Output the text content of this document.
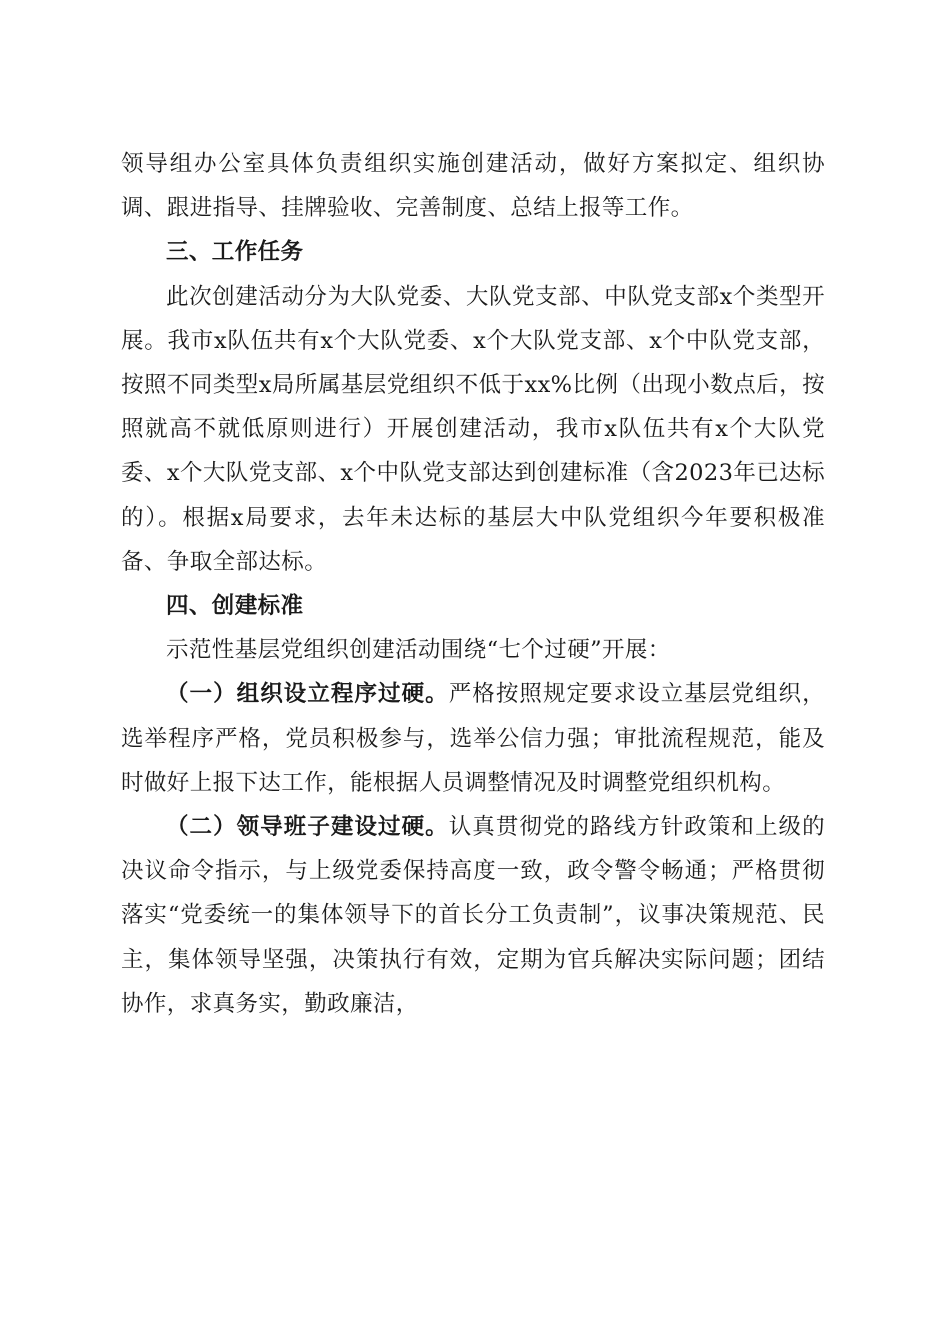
领导组办公室具体负责组织实施创建活动，做好方案拟定、组织协调、跟进指导、挂牌验收、完善制度、总结上报等工作。

三、工作任务

此次创建活动分为大队党委、大队党支部、中队党支部x个类型开展。我市x队伍共有x个大队党委、x个大队党支部、x个中队党支部，按照不同类型x局所属基层党组织不低于xx%比例（出现小数点后，按照就高不就低原则进行）开展创建活动，我市x队伍共有x个大队党委、x个大队党支部、x个中队党支部达到创建标准（含2023年已达标的）。根据x局要求，去年未达标的基层大中队党组织今年要积极准备、争取全部达标。

四、创建标准

示范性基层党组织创建活动围绕“七个过硬”开展：

（一）组织设立程序过硬。严格按照规定要求设立基层党组织，选举程序严格，党员积极参与，选举公信力强；审批流程规范，能及时做好上报下达工作，能根据人员调整情况及时调整党组织机构。

（二）领导班子建设过硬。认真贯彻党的路线方针政策和上级的决议命令指示，与上级党委保持高度一致，政令警令畅通；严格贯彻落实“党委统一的集体领导下的首长分工负责制”，议事决策规范、民主，集体领导坚强，决策执行有效，定期为官兵解决实际问题；团结协作，求真务实，勤政廉洁，
